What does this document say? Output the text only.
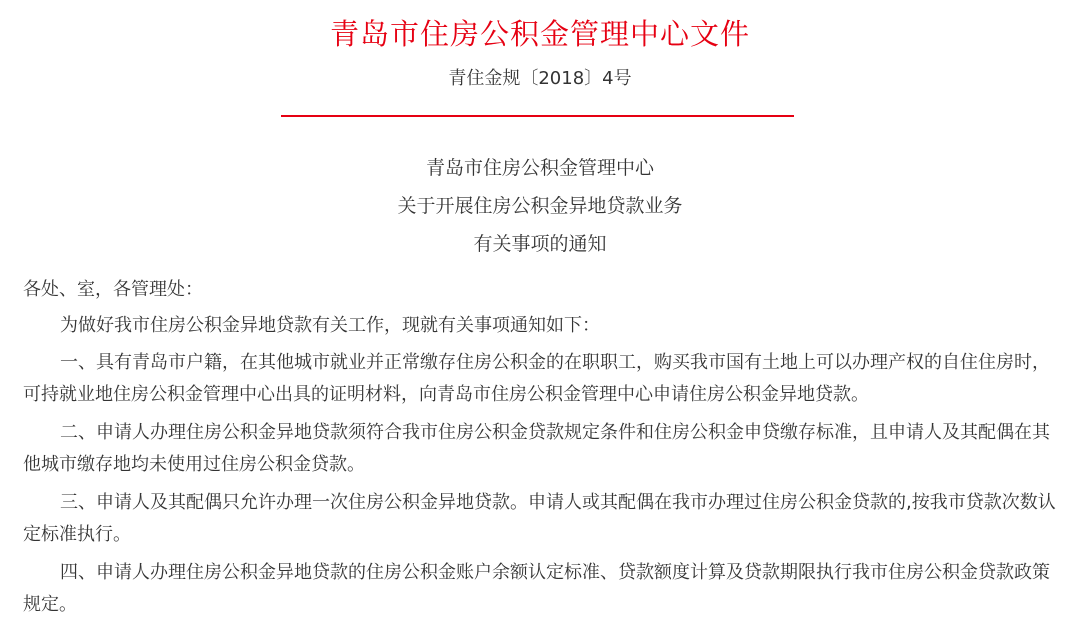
青岛市住房公积金管理中心文件
青住金规〔2018〕4号
青岛市住房公积金管理中心
关于开展住房公积金异地贷款业务
有关事项的通知

各处、室，各管理处：

为做好我市住房公积金异地贷款有关工作，现就有关事项通知如下：

一、具有青岛市户籍，在其他城市就业并正常缴存住房公积金的在职职工，购买我市国有土地上可以办理产权的自住住房时，可持就业地住房公积金管理中心出具的证明材料，向青岛市住房公积金管理中心申请住房公积金异地贷款。

二、申请人办理住房公积金异地贷款须符合我市住房公积金贷款规定条件和住房公积金申贷缴存标准，且申请人及其配偶在其他城市缴存地均未使用过住房公积金贷款。

三、申请人及其配偶只允许办理一次住房公积金异地贷款。申请人或其配偶在我市办理过住房公积金贷款的,按我市贷款次数认定标准执行。

四、申请人办理住房公积金异地贷款的住房公积金账户余额认定标准、贷款额度计算及贷款期限执行我市住房公积金贷款政策规定。
